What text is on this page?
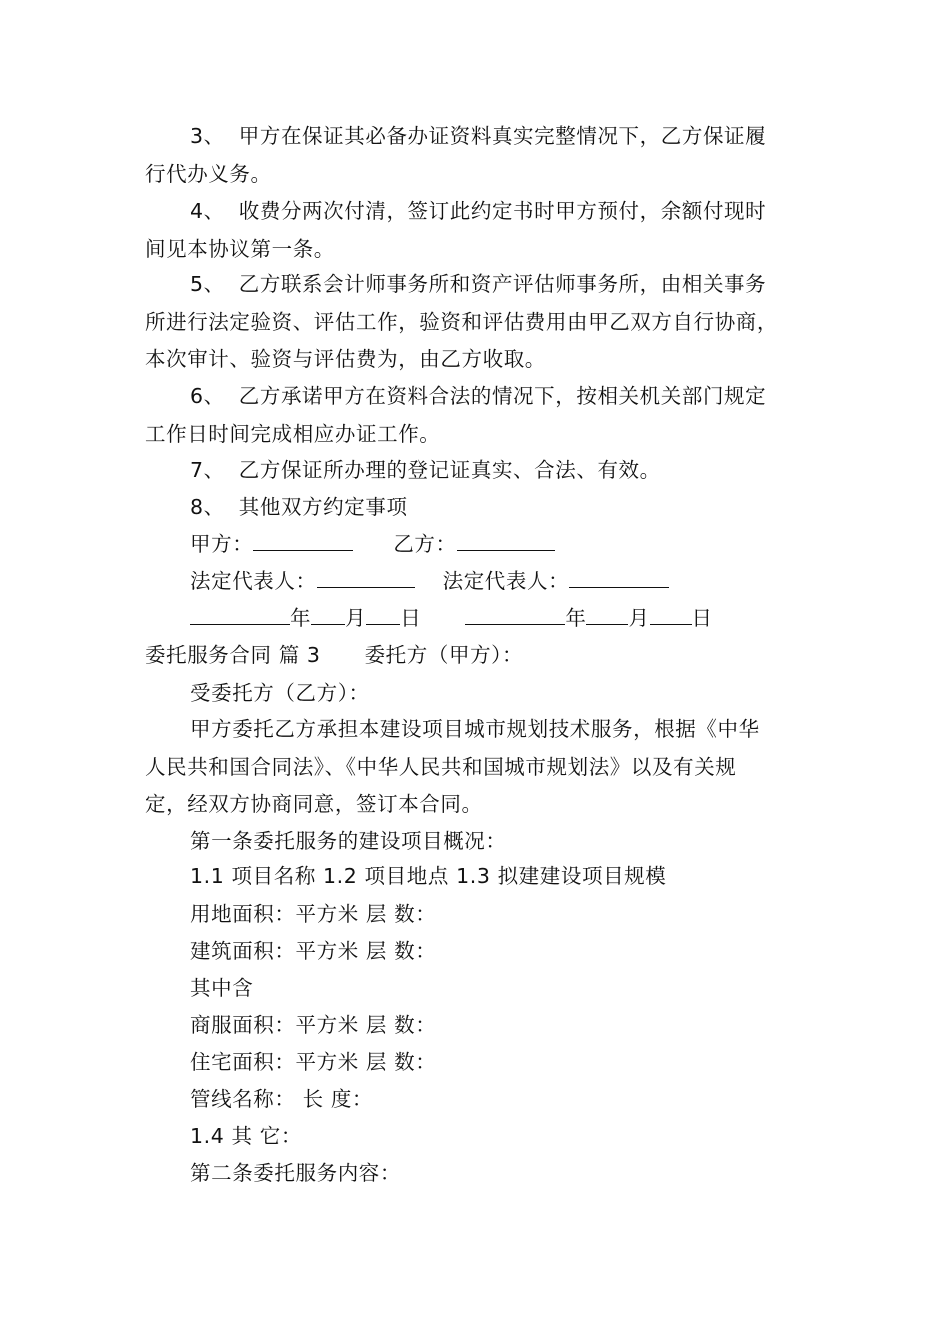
3、 甲方在保证其必备办证资料真实完整情况下，乙方保证履
行代办义务。
4、 收费分两次付清，签订此约定书时甲方预付，余额付现时
间见本协议第一条。
5、 乙方联系会计师事务所和资产评估师事务所，由相关事务
所进行法定验资、评估工作，验资和评估费用由甲乙双方自行协商，
本次审计、验资与评估费为，由乙方收取。
6、 乙方承诺甲方在资料合法的情况下，按相关机关部门规定
工作日时间完成相应办证工作。
7、 乙方保证所办理的登记证真实、合法、有效。
8、 其他双方约定事项
甲方：	乙方：
法定代表人：	法定代表人：
年 月 日	年 月 日
委托服务合同 篇 3 委托方（甲方）：
受委托方（乙方）：
甲方委托乙方承担本建设项目城市规划技术服务，根据《中华
人民共和国合同法》、《中华人民共和国城市规划法》以及有关规
定，经双方协商同意，签订本合同。
第一条委托服务的建设项目概况：
1.1 项目名称 1.2 项目地点 1.3 拟建建设项目规模
用地面积：平方米 层 数：
建筑面积：平方米 层 数：
其中含
商服面积：平方米 层 数：
住宅面积：平方米 层 数：
管线名称： 长 度：
1.4 其 它：
第二条委托服务内容：
